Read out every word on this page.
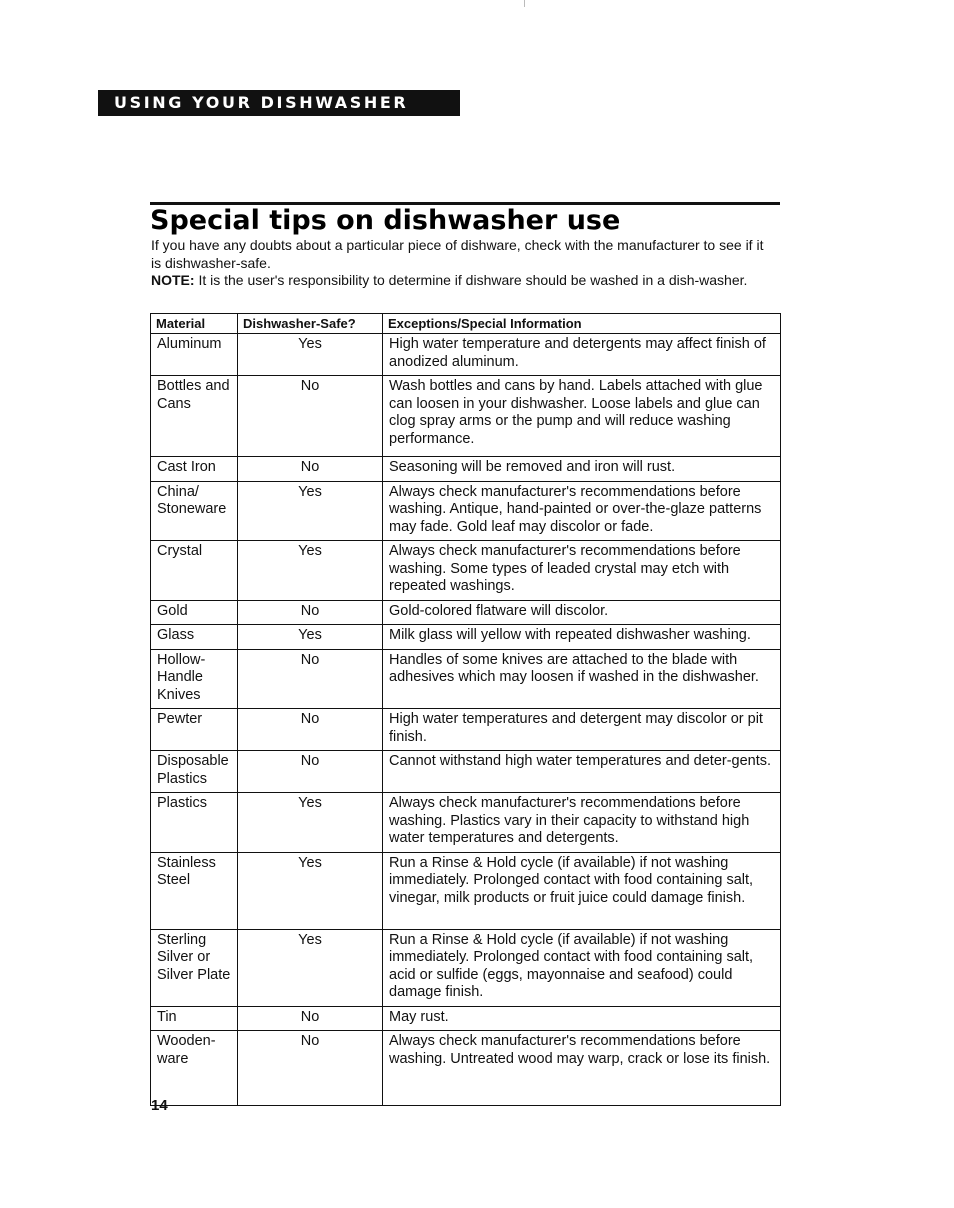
USING YOUR DISHWASHER
Special tips on dishwasher use

If you have any doubts about a particular piece of dishware, check with the manufacturer to see if it is dishwasher-safe.

NOTE: It is the user's responsibility to determine if dishware should be washed in a dish-washer.

Material	Dishwasher-Safe?	Exceptions/Special Information
Aluminum	Yes	High water temperature and detergents may affect finish of anodized aluminum.
Bottles and Cans	No	Wash bottles and cans by hand. Labels attached with glue can loosen in your dishwasher. Loose labels and glue can clog spray arms or the pump and will reduce washing performance.
Cast Iron	No	Seasoning will be removed and iron will rust.
China/ Stoneware	Yes	Always check manufacturer's recommendations before washing. Antique, hand-painted or over-the-glaze patterns may fade. Gold leaf may discolor or fade.
Crystal	Yes	Always check manufacturer's recommendations before washing. Some types of leaded crystal may etch with repeated washings.
Gold	No	Gold-colored flatware will discolor.
Glass	Yes	Milk glass will yellow with repeated dishwasher washing.
Hollow-Handle Knives	No	Handles of some knives are attached to the blade with adhesives which may loosen if washed in the dishwasher.
Pewter	No	High water temperatures and detergent may discolor or pit finish.
Disposable Plastics	No	Cannot withstand high water temperatures and deter-gents.
Plastics	Yes	Always check manufacturer's recommendations before washing. Plastics vary in their capacity to withstand high water temperatures and detergents.
Stainless Steel	Yes	Run a Rinse & Hold cycle (if available) if not washing immediately. Prolonged contact with food containing salt, vinegar, milk products or fruit juice could damage finish.
Sterling Silver or Silver Plate	Yes	Run a Rinse & Hold cycle (if available) if not washing immediately. Prolonged contact with food containing salt, acid or sulfide (eggs, mayonnaise and seafood) could damage finish.
Tin	No	May rust.
Wooden-ware	No	Always check manufacturer's recommendations before washing. Untreated wood may warp, crack or lose its finish.
14
